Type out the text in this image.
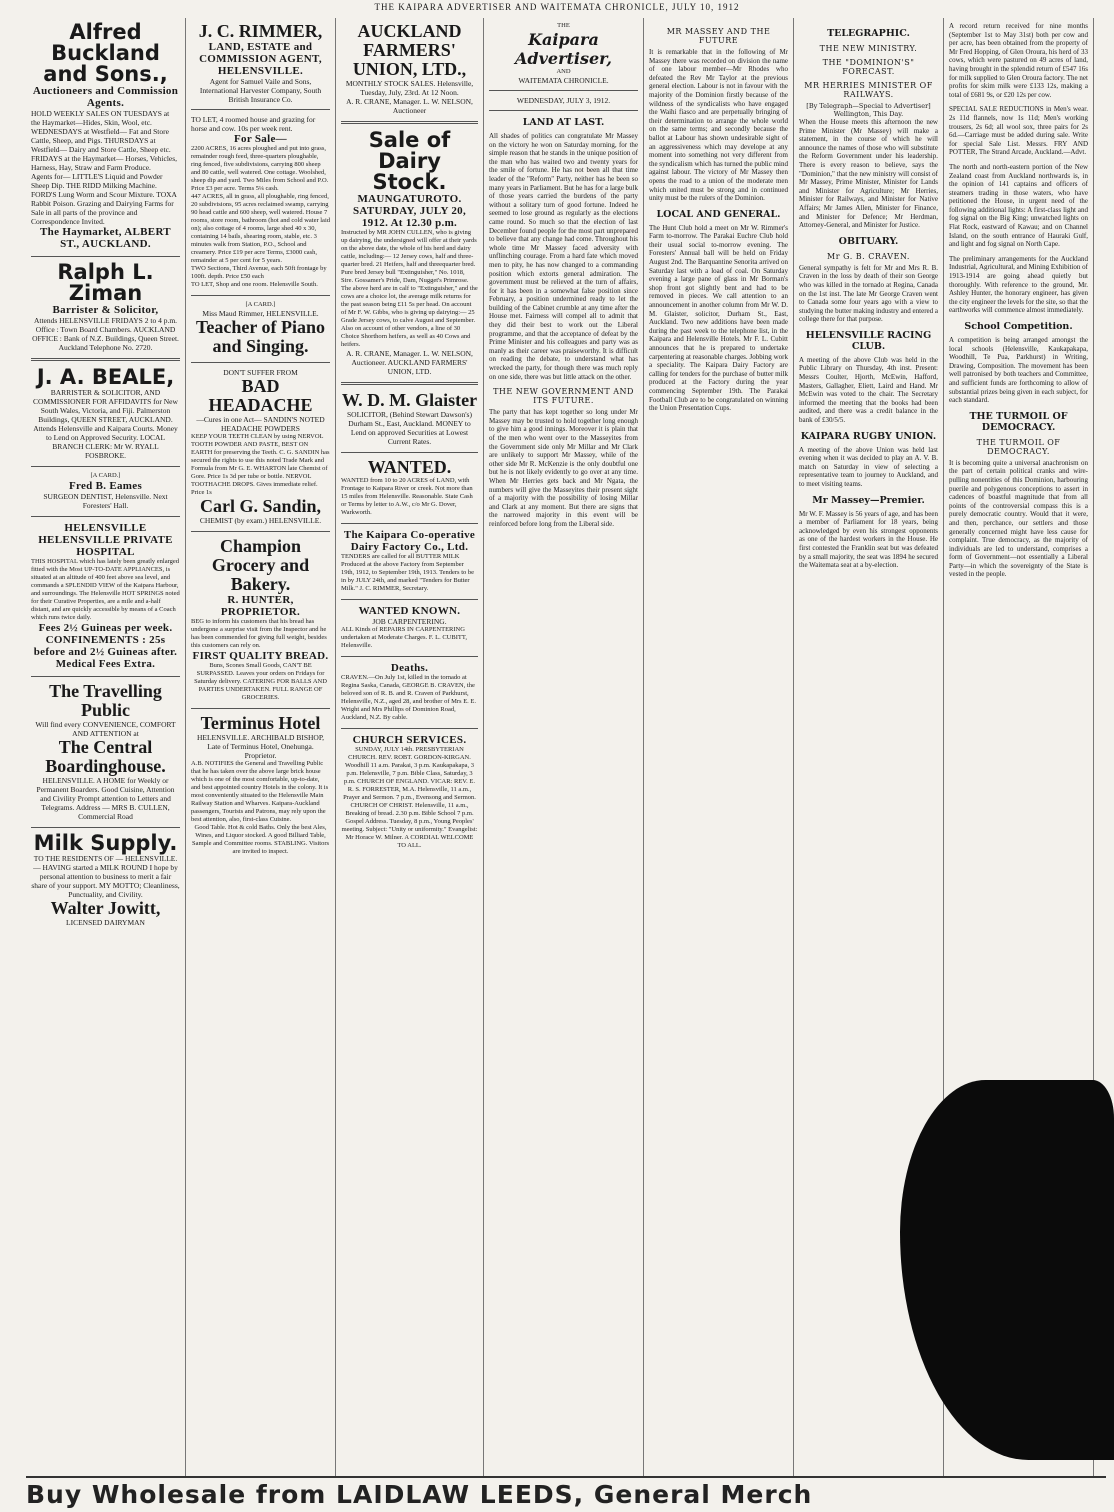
THE KAIPARA ADVERTISER AND WAITEMATA CHRONICLE, JULY 10, 1912
Alfred Buckland and Sons.,
Auctioneers and Commission Agents.
HOLD WEEKLY SALES ON TUESDAYS at the Haymarket—Hides, Skin, Wool, etc. WEDNESDAYS at Westfield— Fat and Store Cattle, Sheep, and Pigs. THURSDAYS at Westfield— Dairy and Store Cattle, Sheep etc. FRIDAYS at the Haymarket— Horses, Vehicles, Harness, Hay, Straw and Farm Produce.
Agents for— LITTLE'S Liquid and Powder Sheep Dip. THE RIDD Milking Machine. FORD'S Lung Worm and Scour Mixture. TOXA Rabbit Poison. Grazing and Dairying Farms for Sale in all parts of the province and Correspondence Invited.
The Haymarket, ALBERT ST., AUCKLAND.
Ralph L. Ziman
Barrister & Solicitor,
Attends HELENSVILLE FRIDAYS 2 to 4 p.m. Office : Town Board Chambers. AUCKLAND OFFICE : Bank of N.Z. Buildings, Queen Street. Auckland Telephone No. 2720.
J. A. BEALE,
BARRISTER & SOLICITOR, AND COMMISSIONER FOR AFFIDAVITS for New South Wales, Victoria, and Fiji. Palmerston Buildings, QUEEN STREET, AUCKLAND. Attends Helensville and Kaipara Courts. Money to Lend on Approved Security. LOCAL BRANCH CLERK: Mr W. RYALL FOSBROKE.
[A CARD.]
Fred B. Eames
SURGEON DENTIST, Helensville. Next Foresters' Hall.
HELENSVILLE HELENSVILLE PRIVATE HOSPITAL
THIS HOSPITAL which has lately been greatly enlarged fitted with the Most UP-TO-DATE APPLIANCES, is situated at an altitude of 400 feet above sea level, and commands a SPLENDID VIEW of the Kaipara Harbour, and surroundings. The Helensville HOT SPRINGS noted for their Curative Properties, are a mile and a-half distant, and are quickly accessible by means of a Coach which runs twice daily.
Fees 2½ Guineas per week. CONFINEMENTS : 25s before and 2½ Guineas after. Medical Fees Extra.
The Travelling Public
Will find every CONVENIENCE, COMFORT AND ATTENTION at
The Central Boardinghouse.
HELENSVILLE. A HOME for Weekly or Permanent Boarders. Good Cuisine, Attention and Civility Prompt attention to Letters and Telegrams. Address — MRS B. CULLEN, Commercial Road
Milk Supply.
TO THE RESIDENTS OF — HELENSVILLE. — HAVING started a MILK ROUND I hope by personal attention to business to merit a fair share of your support. MY MOTTO; Cleanliness, Punctuality, and Civility.
Walter Jowitt,
LICENSED DAIRYMAN
J. C. RIMMER,
LAND, ESTATE and COMMISSION AGENT, HELENSVILLE.
Agent for Samuel Vaile and Sons, International Harvester Company, South British Insurance Co.
TO LET, 4 roomed house and grazing for horse and cow. 10s per week rent.
For Sale—
2200 ACRES, 16 acres ploughed and put into grass, remainder rough feed, three-quarters ploughable, ring fenced, five subdivisions, carrying 800 sheep and 80 cattle, well watered. One cottage. Woolshed, sheep dip and yard. Two Miles from School and P.O. Price £3 per acre. Terms 5¼ cash.
447 ACRES, all in grass, all ploughable, ring fenced, 20 subdivisions, 95 acres reclaimed swamp, carrying 90 head cattle and 600 sheep, well watered. House 7 rooms, store room, bathroom (hot and cold water laid on); also cottage of 4 rooms, large shed 40 x 30, containing 14 bails, shearing room, stable, etc. 3 minutes walk from Station, P.O., School and creamery. Price £19 per acre Terms, £3000 cash, remainder at 5 per cent for 5 years.
TWO Sections, Third Avenue, each 50ft frontage by 100ft. depth. Price £50 each
TO LET, Shop and one room. Helensville South.
[A CARD.]
Miss Maud Rimmer, HELENSVILLE.
Teacher of Piano and Singing.
DON'T SUFFER FROM
BAD HEADACHE
—Cures in one Act— SANDIN'S NOTED HEADACHE POWDERS
KEEP YOUR TEETH CLEAN by using NERVOL TOOTH POWDER AND PASTE, BEST ON EARTH for preserving the Teeth. C. G. SANDIN has secured the rights to use this noted Trade Mark and Formula from Mr G. E. WHARTON late Chemist of Gore. Price 1s 3d per tube or bottle. NERVOL TOOTHACHE DROPS. Gives immediate relief. Price 1s
Carl G. Sandin,
CHEMIST (by exam.) HELENSVILLE.
Champion Grocery and Bakery.
R. HUNTER, PROPRIETOR.
BEG to inform his customers that his bread has undergone a surprise visit from the Inspector and he has been commended for giving full weight, besides this customers can rely on.
FIRST QUALITY BREAD.
Buns, Scones Small Goods, CAN'T BE SURPASSED. Leaves your orders on Fridays for Saturday delivery. CATERING FOR BALLS AND PARTIES UNDERTAKEN. FULL RANGE OF GROCERIES.
Terminus Hotel
HELENSVILLE. ARCHIBALD BISHOP, Late of Terminus Hotel, Onehunga. Proprietor.
A.B. NOTIFIES the General and Travelling Public that he has taken over the above large brick house which is one of the most comfortable, up-to-date, and best appointed country Hotels in the colony. It is most conveniently situated to the Helensville Main Railway Station and Wharves. Kaipara-Auckland passengers, Tourists and Patrons, may rely upon the best attention, also, first-class Cuisine.
Good Table. Hot & cold Baths. Only the best Ales, Wines, and Liquor stocked. A good Billiard Table, Sample and Committee rooms. STABLING. Visitors are invited to inspect.
AUCKLAND FARMERS' UNION, LTD.,
MONTHLY STOCK SALES. Helensville, Tuesday, July, 23rd. At 12 Noon.
A. R. CRANE, Manager. L. W. NELSON, Auctioneer
Sale of Dairy Stock.
MAUNGATUROTO. SATURDAY, JULY 20, 1912. At 12.30 p.m.
Instructed by MR JOHN CULLEN, who is giving up dairying, the undersigned will offer at their yards on the above date, the whole of his herd and dairy cattle, including:— 12 Jersey cows, half and three-quarter bred. 21 Heifers, half and threequarter bred. Pure bred Jersey bull "Extinguisher," No. 1018, Sire. Gossamer's Pride, Dam, Nugget's Primrose. The above herd are in calf to "Extinguisher," and the cows are a choice lot, the average milk returns for the past season being £11 5s per head. On account of Mr F. W. Gibbs, who is giving up dairying:— 25 Grade Jersey cows, to calve August and September. Also on account of other vendors, a line of 30 Choice Shorthorn heifers, as well as 40 Cows and heifers.
A. R. CRANE, Manager. L. W. NELSON, Auctioneer. AUCKLAND FARMERS' UNION, LTD.
W. D. M. Glaister
SOLICITOR, (Behind Stewart Dawson's) Durham St., East, Auckland. MONEY to Lend on approved Securities at Lowest Current Rates.
WANTED.
WANTED from 10 to 20 ACRES of LAND, with Frontage to Kaipara River or creek. Not more than 15 miles from Helensville. Reasonable. State Cash or Terms by letter to A.W., c/o Mr G. Dover, Warkworth.
The Kaipara Co-operative Dairy Factory Co., Ltd.
TENDERS are called for all BUTTER MILK Produced at the above Factory from September 19th, 1912, to September 19th, 1913. Tenders to be in by JULY 24th, and marked "Tenders for Butter Milk." J. C. RIMMER, Secretary.
WANTED KNOWN.
JOB CARPENTERING.
ALL Kinds of REPAIRS IN CARPENTERING undertaken at Moderate Charges. F. L. CUBITT, Helensville.
Deaths.
CRAVEN.—On July 1st, killed in the tornado at Regina Saska, Canada, GEORGE B. CRAVEN, the beloved son of R. B. and R. Craven of Parkhurst, Helensville, N.Z., aged 28, and brother of Mrs E. E. Wright and Mrs Phillips of Dominion Road, Auckland, N.Z. By cable.
CHURCH SERVICES.
SUNDAY, JULY 14th. PRESBYTERIAN CHURCH. REV. ROBT. GORDON-KIRGAN. Woodhill 11 a.m. Parakai, 3 p.m. Kaukapakapa, 3 p.m. Helensville, 7 p.m. Bible Class, Saturday, 3 p.m. CHURCH OF ENGLAND. VICAR: REV. E. R. S. FORRESTER, M.A. Helensville, 11 a.m., Prayer and Sermon. 7 p.m., Evensong and Sermon. CHURCH OF CHRIST. Helensville, 11 a.m., Breaking of bread. 2.30 p.m. Bible School 7 p.m. Gospel Address. Tuesday, 8 p.m., Young Peoples' meeting. Subject: "Unity or uniformity." Evangelist: Mr Horace W. Milner. A CORDIAL WELCOME TO ALL.
THE
Kaipara Advertiser,
AND
WAITEMATA CHRONICLE.
WEDNESDAY, JULY 3, 1912.
LAND AT LAST.

All shades of politics can congratulate Mr Massey on the victory he won on Saturday morning, for the simple reason that he stands in the unique position of the man who has waited two and twenty years for the smile of fortune. He has not been all that time leader of the "Reform" Party, neither has he been so many years in Parliament. But he has for a large bulk of those years carried the burdens of the party without a solitary turn of good fortune. Indeed he seemed to lose ground as regularly as the elections came round. So much so that the election of last December found people for the most part unprepared to believe that any change had come. Throughout his whole time Mr Massey faced adversity with unflinching courage. From a hard fate which moved men to pity, he has now changed to a commanding position which extorts general admiration. The government must be relieved at the turn of affairs, for it has been in a somewhat false position since February, a position undermined ready to let the building of the Cabinet crumble at any time after the House met. Fairness will compel all to admit that they did their best to work out the Liberal programme, and that the acceptance of defeat by the Prime Minister and his colleagues and party was as manly as their career was praiseworthy. It is difficult on reading the debate, to understand what has wrecked the party, for though there was much reply on one side, there was but little attack on the other.

THE NEW GOVERNMENT AND ITS FUTURE.

The party that has kept together so long under Mr Massey may be trusted to hold together long enough to give him a good innings. Moreover it is plain that of the men who went over to the Masseyites from the Government side only Mr Millar and Mr Clark are unlikely to support Mr Massey, while of the other side Mr R. McKenzie is the only doubtful one but he is not likely evidently to go over at any time. When Mr Herries gets back and Mr Ngata, the numbers will give the Masseyites their present sight of a majority with the possibility of losing Millar and Clark at any moment. But there are signs that the narrowed majority in this event will be reinforced before long from the Liberal side.

MR MASSEY AND THE FUTURE

It is remarkable that in the following of Mr Massey there was recorded on division the name of one labour member—Mr Rhodes who defeated the Rev Mr Taylor at the previous general election. Labour is not in favour with the majority of the Dominion firstly because of the wildness of the syndicalists who have engaged the Waihi fiasco and are perpetually bringing of their determination to arrange the whole world on the same terms; and secondly because the ballot at Labour has shown undesirable sight of an aggressiveness which may develope at any moment into something not very different from the syndicalism which has turned the public mind against labour. The victory of Mr Massey then opens the road to a union of the moderate men which united must be strong and in continued unity must be the rulers of the Dominion.

LOCAL AND GENERAL.

The Hunt Club hold a meet on Mr W. Rimmer's Farm to-morrow. The Parakai Euchre Club hold their usual social to-morrow evening. The Foresters' Annual ball will be held on Friday August 2nd. The Barquantine Senorita arrived on Saturday last with a load of coal. On Saturday evening a large pane of glass in Mr Borman's shop front got slightly bent and had to be removed in pieces. We call attention to an announcement in another column from Mr W. D. M. Glaister, solicitor, Durham St., East, Auckland. Two new additions have been made during the past week to the telephone list, in the Kaipara and Helensville Hotels. Mr F. L. Cubitt announces that he is prepared to undertake carpentering at reasonable charges. Jobbing work a speciality. The Kaipara Dairy Factory are calling for tenders for the purchase of butter milk produced at the Factory during the year commencing September 19th. The Parakai Football Club are to be congratulated on winning the Union Presentation Cups.

TELEGRAPHIC.
THE NEW MINISTRY.
THE "DOMINION'S" FORECAST.
MR HERRIES MINISTER OF RAILWAYS.
[By Telegraph—Special to Advertiser] Wellington, This Day.

When the House meets this afternoon the new Prime Minister (Mr Massey) will make a statement, in the course of which he will announce the names of those who will substitute the Reform Government under his leadership. There is every reason to believe, says the "Dominion," that the new ministry will consist of Mr Massey, Prime Minister, Minister for Lands and Minister for Agriculture; Mr Herries, Minister for Railways, and Minister for Native Affairs; Mr James Allen, Minister for Finance, and Minister for Defence; Mr Herdman, Attorney-General, and Minister for Justice.

OBITUARY.
Mr G. B. CRAVEN.

General sympathy is felt for Mr and Mrs R. B. Craven in the loss by death of their son George who was killed in the tornado at Regina, Canada on the 1st inst. The late Mr George Craven went to Canada some four years ago with a view to studying the butter making industry and entered a college there for that purpose.

HELENSVILLE RACING CLUB.

A meeting of the above Club was held in the Public Library on Thursday, 4th inst. Present: Messrs Coulter, Hjorth, McEwin, Hafford, Masters, Gallagher, Eliett, Laird and Hand. Mr McEwin was voted to the chair. The Secretary informed the meeting that the books had been audited, and there was a credit balance in the bank of £30/5/5.

KAIPARA RUGBY UNION.

A meeting of the above Union was held last evening when it was decided to play an A. V. B. match on Saturday in view of selecting a representative team to journey to Auckland, and to meet visiting teams.

Mr Massey—Premier.

Mr W. F. Massey is 56 years of age, and has been a member of Parliament for 18 years, being acknowledged by even his strongest opponents as one of the hardest workers in the House. He first contested the Franklin seat but was defeated by a small majority, the seat was 1894 he secured the Waitemata seat at a by-election.

A record return received for nine months (September 1st to May 31st) both per cow and per acre, has been obtained from the property of Mr Fred Hopping, of Glen Oroura, his herd of 33 cows, which were pastured on 49 acres of land, having brought in the splendid return of £547 16s for milk supplied to Glen Oroura factory. The net profits for skim milk were £133 12s, making a total of £681 9s, or £20 12s per cow.

SPECIAL SALE REDUCTIONS in Men's wear. 2s 11d flannels, now 1s 11d; Men's working trousers, 2s 6d; all wool sox, three pairs for 2s 6d.—Carriage must be added during sale. Write for special Sale List. Messrs. FRY AND POTTER, The Strand Arcade, Auckland.—Advt.

The north and north-eastern portion of the New Zealand coast from Auckland northwards is, in the opinion of 141 captains and officers of steamers trading in those waters, who have petitioned the House, in urgent need of the following additional lights: A first-class light and fog signal on the Big King; unwatched lights on Flat Rock, eastward of Kawau; and on Channel Island, on the south entrance of Hauraki Gulf, and light and fog signal on North Cape.

The preliminary arrangements for the Auckland Industrial, Agricultural, and Mining Exhibition of 1913-1914 are going ahead quietly but thoroughly. With reference to the ground, Mr. Ashley Hunter, the honorary engineer, has given the city engineer the levels for the site, so that the earthworks will commence almost immediately.

School Competition.

A competition is being arranged amongst the local schools (Helensville, Kaukapakapa, Woodhill, Te Pua, Parkhurst) in Writing, Drawing, Composition. The movement has been well patronised by both teachers and Committee, and sufficient funds are forthcoming to allow of substantial prizes being given in each subject, for each standard.

THE TURMOIL OF DEMOCRACY.
THE TURMOIL OF DEMOCRACY.

It is becoming quite a universal anachronism on the part of certain political cranks and wire-pulling nonentities of this Dominion, harbouring puerile and polygenous conceptions to assert in cadences of boastful magnitude that from all points of the controversial compass this is a purely democratic country. Would that it were, and then, perchance, our settlers and those generally concerned might have less cause for complaint. True democracy, as the majority of individuals are led to understand, comprises a form of Government—not essentially a Liberal Party—in which the sovereignty of the State is vested in the people.

Buy Wholesale from LAIDLAW LEEDS, General Merch
